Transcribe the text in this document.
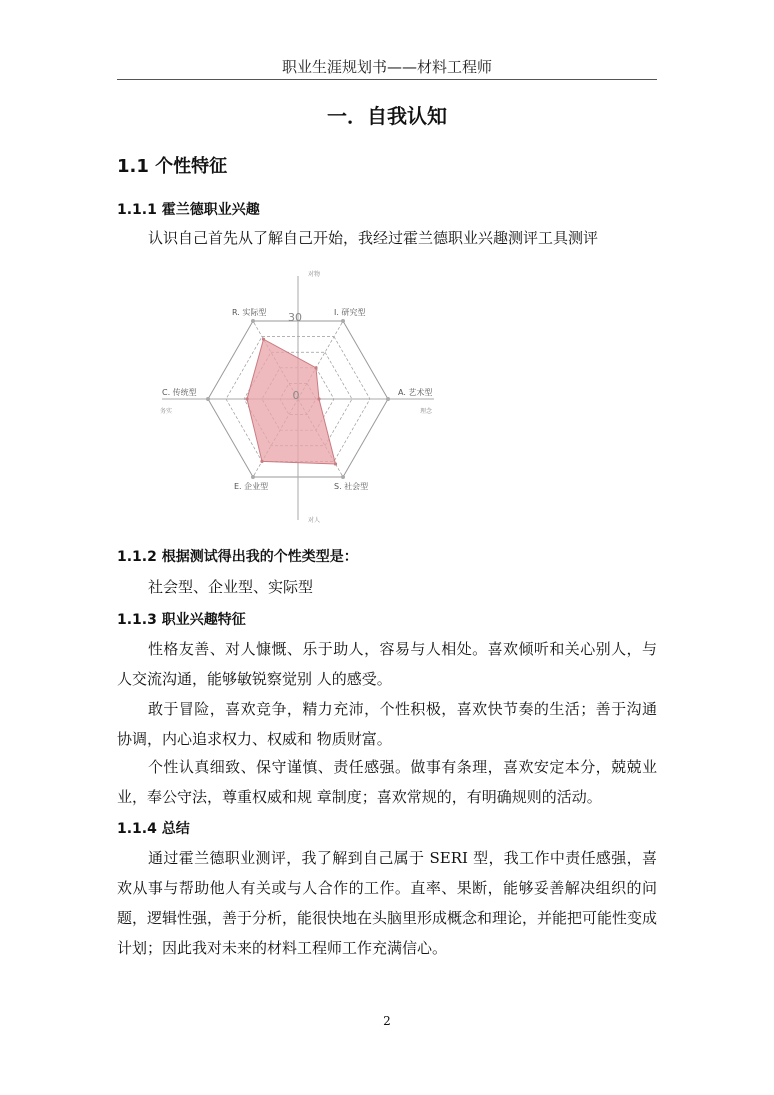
职业生涯规划书——材料工程师
一．自我认知
1.1 个性特征
1.1.1 霍兰德职业兴趣
认识自己首先从了解自己开始，我经过霍兰德职业兴趣测评工具测评
30
0
对物
对人
务实	理念
R. 实际型	I. 研究型
A. 艺术型
S. 社会型
E. 企业型
C. 传统型
1.1.2 根据测试得出我的个性类型是：
社会型、企业型、实际型
1.1.3 职业兴趣特征
性格友善、对人慷慨、乐于助人，容易与人相处。喜欢倾听和关心别人，与人交流沟通，能够敏锐察觉别 人的感受。
敢于冒险，喜欢竞争，精力充沛，个性积极，喜欢快节奏的生活；善于沟通协调，内心追求权力、权威和 物质财富。
个性认真细致、保守谨慎、责任感强。做事有条理，喜欢安定本分，兢兢业业，奉公守法，尊重权威和规 章制度；喜欢常规的，有明确规则的活动。
1.1.4 总结
通过霍兰德职业测评，我了解到自己属于 SERI 型，我工作中责任感强，喜欢从事与帮助他人有关或与人合作的工作。直率、果断，能够妥善解决组织的问题，逻辑性强，善于分析，能很快地在头脑里形成概念和理论，并能把可能性变成计划；因此我对未来的材料工程师工作充满信心。
2
